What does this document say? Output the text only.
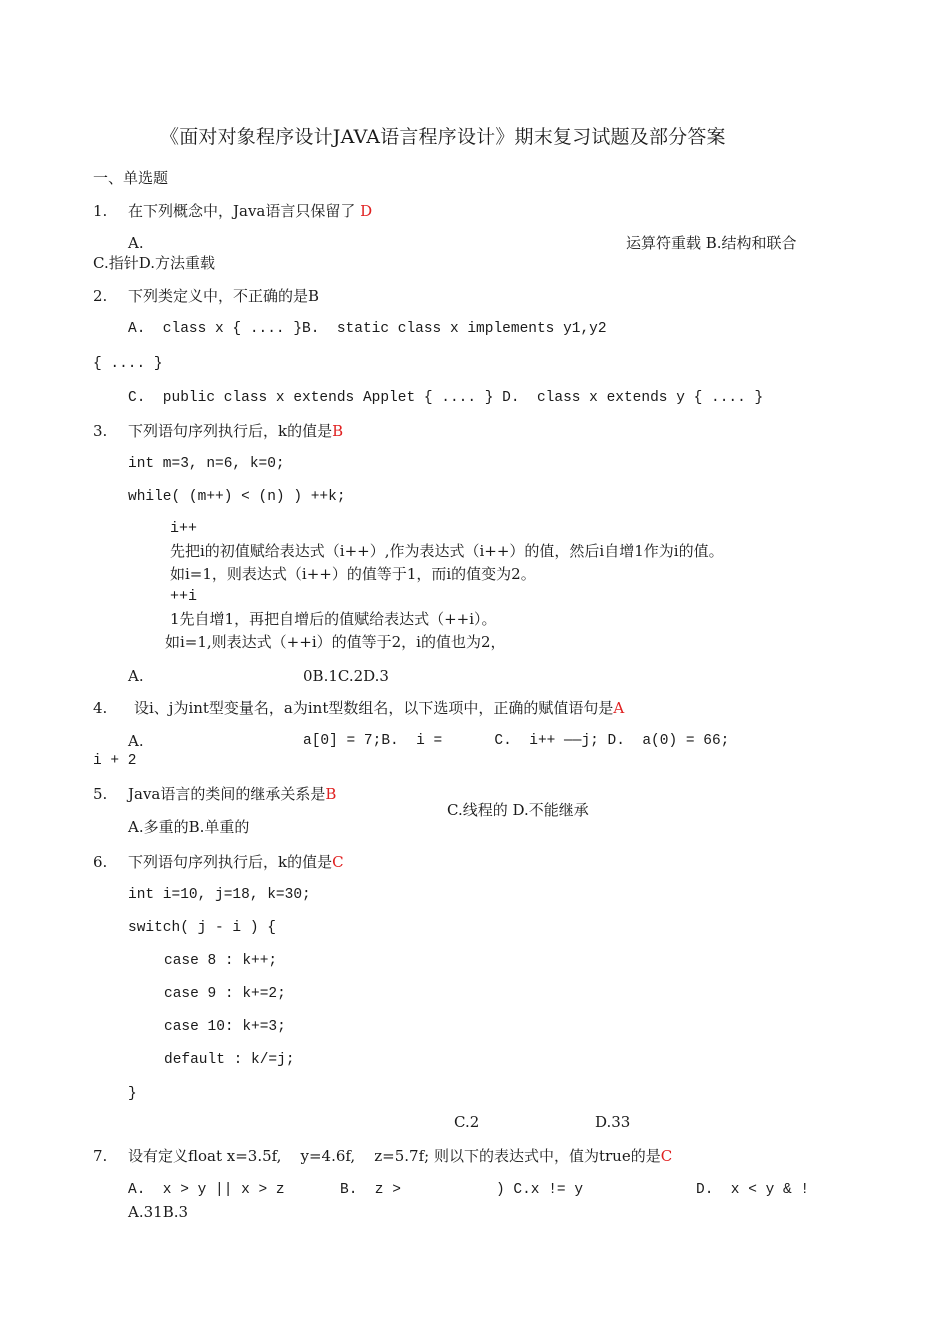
《面对对象程序设计JAVA语言程序设计》期末复习试题及部分答案
一、单选题
1. 在下列概念中，Java语言只保留了 D
A.	运算符重载 B.结构和联合
C.指针D.方法重载
2. 下列类定义中，不正确的是B
A.  class x { .... }B.  static class x implements y1,y2
{ .... }
C.  public class x extends Applet { .... } D.  class x extends y { .... }
3. 下列语句序列执行后，k的值是B
int m=3, n=6, k=0;
while( (m++) < (n) ) ++k;
i++
先把i的初值赋给表达式（i++）,作为表达式（i++）的值，然后i自增1作为i的值。
如i=1，则表达式（i++）的值等于1，而i的值变为2。
++i
1先自增1，再把自增后的值赋给表达式（++i）。
如i=1,则表达式（++i）的值等于2，i的值也为2，
A.	0B.1C.2D.3
4. 设i、j为int型变量名，a为int型数组名，以下选项中，正确的赋值语句是A
A.	a[0] = 7;B.  i =      C.  i++ ——j; D.  a(0) = 66;
i + 2
5. Java语言的类间的继承关系是B
C.线程的 D.不能继承
A.多重的B.单重的
6. 下列语句序列执行后，k的值是C
int i=10, j=18, k=30;
switch( j - i ) {
case 8 : k++;
case 9 : k+=2;
case 10: k+=3;
default : k/=j;
}
C.2	D.33
7. 设有定义float x=3.5f,    y=4.6f,    z=5.7f; 则以下的表达式中，值为true的是C
A.  x > y || x > z	B.  z >	) C.x != y	D.  x < y & !
A.31B.3
